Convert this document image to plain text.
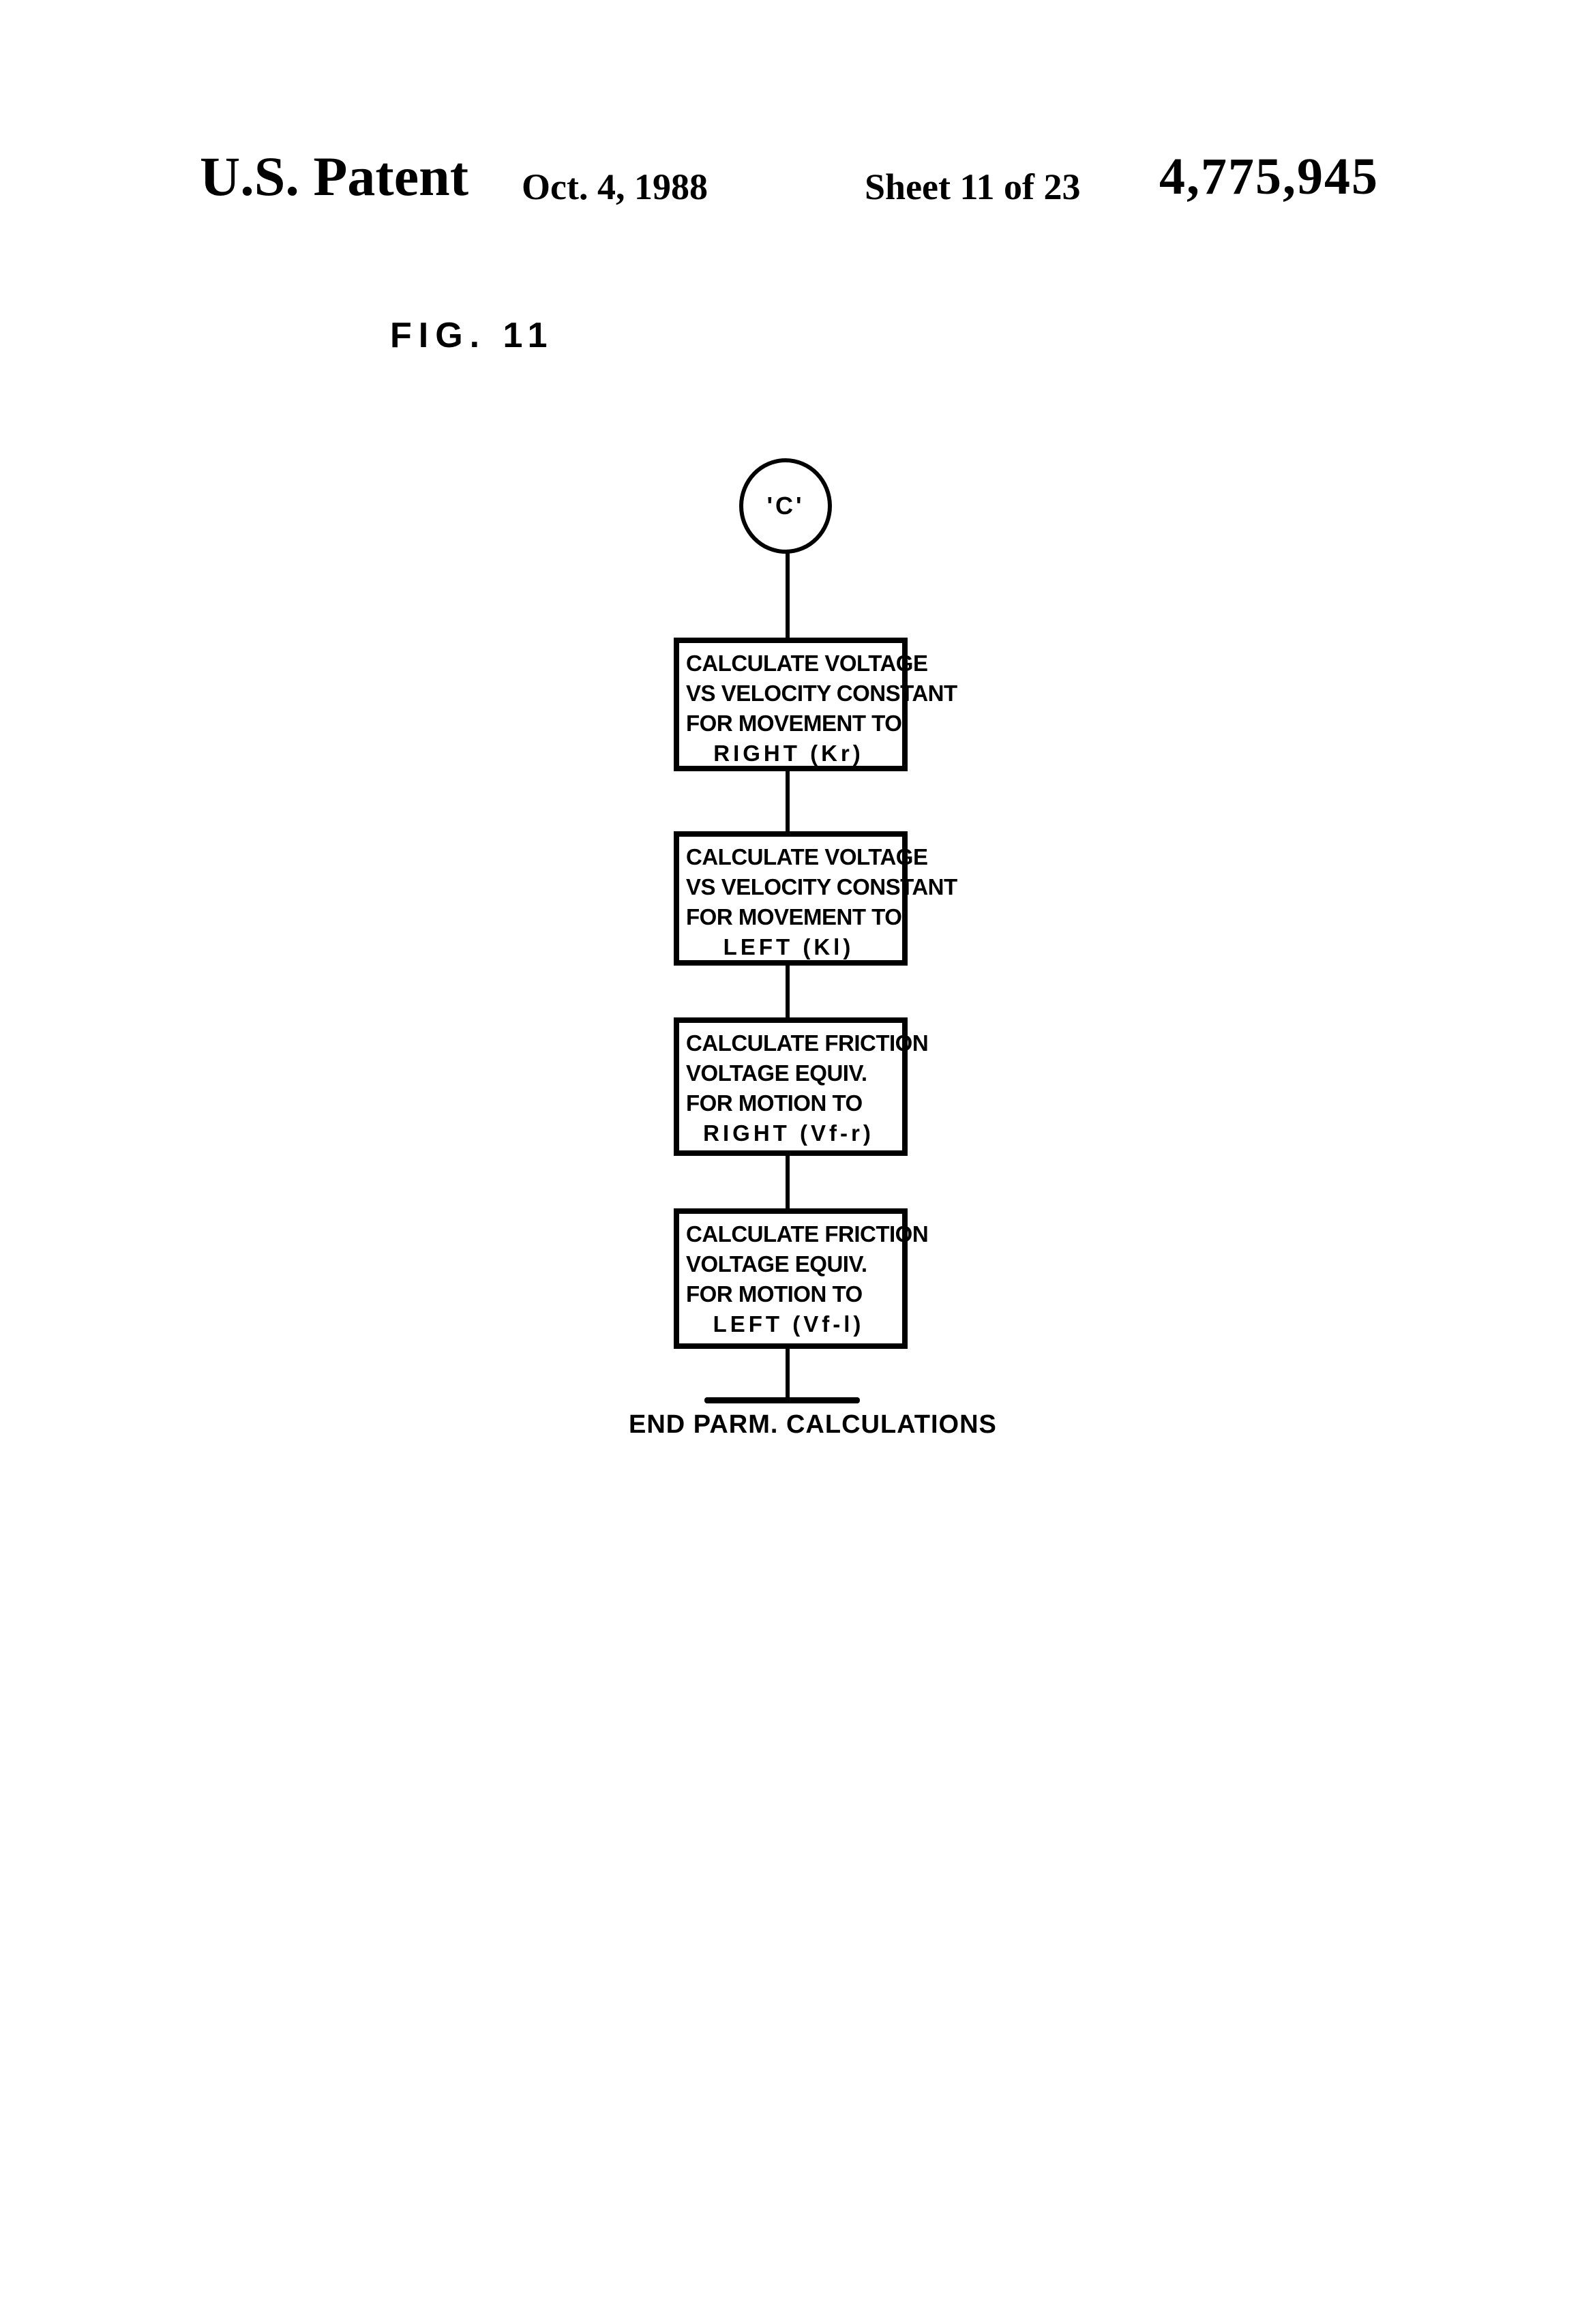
U.S. Patent Oct. 4, 1988	Sheet 11 of 23 4,775,945
FIG. 11
'C'
CALCULATE VOLTAGE
VS VELOCITY CONSTANT
FOR MOVEMENT TO
RIGHT (Kr)
CALCULATE VOLTAGE
VS VELOCITY CONSTANT
FOR MOVEMENT TO
LEFT (Kl)
CALCULATE FRICTION
VOLTAGE EQUIV.
FOR MOTION TO
RIGHT (Vf-r)
CALCULATE FRICTION
VOLTAGE EQUIV.
FOR MOTION TO
LEFT (Vf-l)
END PARM. CALCULATIONS
